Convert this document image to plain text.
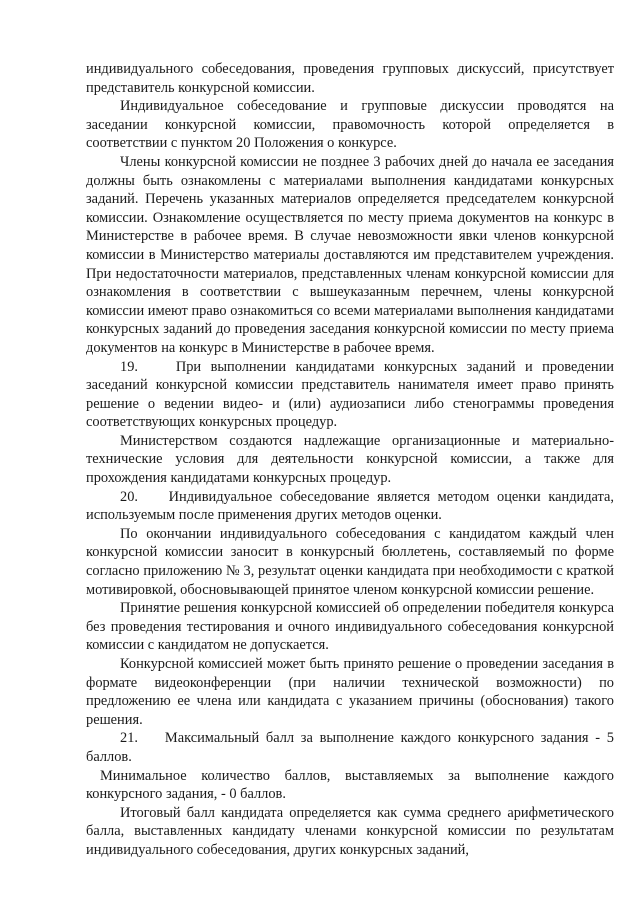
индивидуального собеседования, проведения групповых дискуссий, присутствует представитель конкурсной комиссии.

Индивидуальное собеседование и групповые дискуссии проводятся на заседании конкурсной комиссии, правомочность которой определяется в соответствии с пунктом 20 Положения о конкурсе.

Члены конкурсной комиссии не позднее 3 рабочих дней до начала ее заседания должны быть ознакомлены с материалами выполнения кандидатами конкурсных заданий. Перечень указанных материалов определяется председателем конкурсной комиссии. Ознакомление осуществляется по месту приема документов на конкурс в Министерстве в рабочее время. В случае невозможности явки членов конкурсной комиссии в Министерство материалы доставляются им представителем учреждения. При недостаточности материалов, представленных членам конкурсной комиссии для ознакомления в соответствии с вышеуказанным перечнем, члены конкурсной комиссии имеют право ознакомиться со всеми материалами выполнения кандидатами конкурсных заданий до проведения заседания конкурсной комиссии по месту приема документов на конкурс в Министерстве в рабочее время.

19.    При выполнении кандидатами конкурсных заданий и проведении заседаний конкурсной комиссии представитель нанимателя имеет право принять решение о ведении видео- и (или) аудиозаписи либо стенограммы проведения соответствующих конкурсных процедур.

Министерством создаются надлежащие организационные и материально-технические условия для деятельности конкурсной комиссии, а также для прохождения кандидатами конкурсных процедур.

20.    Индивидуальное собеседование является методом оценки кандидата, используемым после применения других методов оценки.

По окончании индивидуального собеседования с кандидатом каждый член конкурсной комиссии заносит в конкурсный бюллетень, составляемый по форме согласно приложению № 3, результат оценки кандидата при необходимости с краткой мотивировкой, обосновывающей принятое членом конкурсной комиссии решение.

Принятие решения конкурсной комиссией об определении победителя конкурса без проведения тестирования и очного индивидуального собеседования конкурсной комиссии с кандидатом не допускается.

Конкурсной комиссией может быть принято решение о проведении заседания в формате видеоконференции (при наличии технической возможности) по предложению ее члена или кандидата с указанием причины (обоснования) такого решения.

21.    Максимальный балл за выполнение каждого конкурсного задания - 5 баллов.

Минимальное количество баллов, выставляемых за выполнение каждого конкурсного задания, - 0 баллов.

Итоговый балл кандидата определяется как сумма среднего арифметического балла, выставленных кандидату членами конкурсной комиссии по результатам индивидуального собеседования, других конкурсных заданий,
